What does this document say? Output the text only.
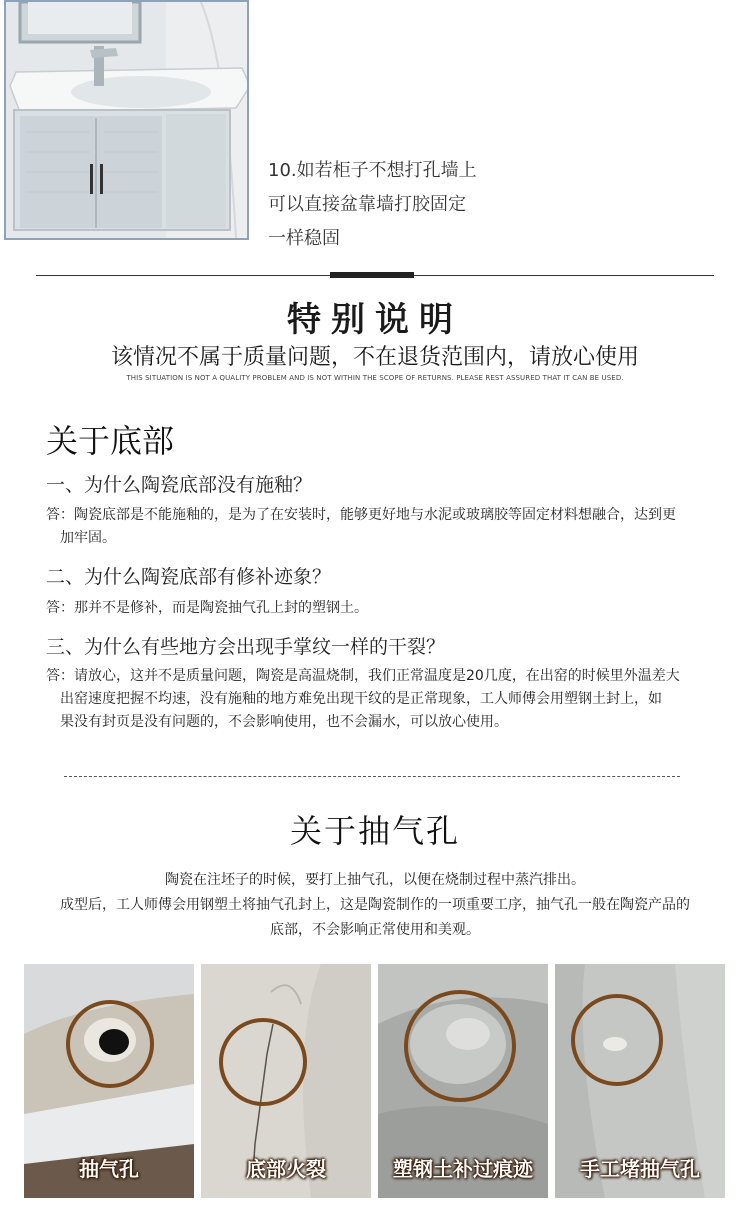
10.如若柜子不想打孔墙上
可以直接盆靠墙打胶固定
一样稳固
特别说明
该情况不属于质量问题，不在退货范围内，请放心使用
THIS SITUATION IS NOT A QUALITY PROBLEM AND IS NOT WITHIN THE SCOPE OF RETURNS. PLEASE REST ASSURED THAT IT CAN BE USED.
关于底部
一、为什么陶瓷底部没有施釉？
答：陶瓷底部是不能施釉的，是为了在安装时，能够更好地与水泥或玻璃胶等固定材料想融合，达到更
加牢固。
二、为什么陶瓷底部有修补迹象？
答：那并不是修补，而是陶瓷抽气孔上封的塑钢土。
三、为什么有些地方会出现手掌纹一样的干裂？
答：请放心，这并不是质量问题，陶瓷是高温烧制，我们正常温度是20几度，在出窑的时候里外温差大
出窑速度把握不均速，没有施釉的地方难免出现干纹的是正常现象，工人师傅会用塑钢土封上，如
果没有封页是没有问题的，不会影响使用，也不会漏水，可以放心使用。
关于抽气孔
陶瓷在注坯子的时候，要打上抽气孔，以便在烧制过程中蒸汽排出。
成型后，工人师傅会用钢塑土将抽气孔封上，这是陶瓷制作的一项重要工序，抽气孔一般在陶瓷产品的
底部，不会影响正常使用和美观。
抽气孔	底部火裂	塑钢土补过痕迹	手工堵抽气孔
